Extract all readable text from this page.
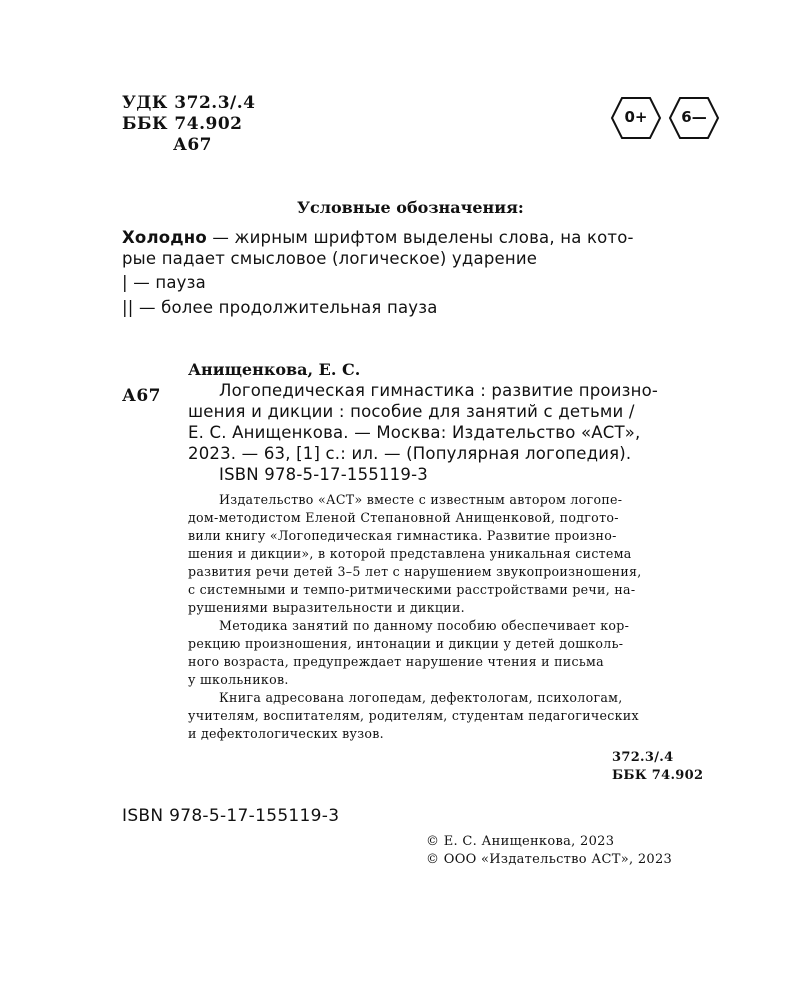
УДК 372.3/.4
ББК 74.902
А67
0+	6—
Условные обозначения:
Холодно — жирным шрифтом выделены слова, на кото-
рые падает смысловое (логическое) ударение
| — пауза
|| — более продолжительная пауза
Анищенкова, Е. С.
А67	Логопедическая гимнастика : развитие произно-
шения и дикции : пособие для занятий с детьми /
Е. С. Анищенкова. — Москва: Издательство «АСТ»,
2023. — 63, [1] с.: ил. — (Популярная логопедия).
ISBN 978-5-17-155119-3
Издательство «АСТ» вместе с известным автором логопе-
дом-методистом Еленой Степановной Анищенковой, подгото-
вили книгу «Логопедическая гимнастика. Развитие произно-
шения и дикции», в которой представлена уникальная система
развития речи детей 3–5 лет с нарушением звукопроизношения,
с системными и темпо-ритмическими расстройствами речи, на-
рушениями выразительности и дикции.
Методика занятий по данному пособию обеспечивает кор-
рекцию произношения, интонации и дикции у детей дошколь-
ного возраста, предупреждает нарушение чтения и письма
у школьников.
Книга адресована логопедам, дефектологам, психологам,
учителям, воспитателям, родителям, студентам педагогических
и дефектологических вузов.
372.3/.4
ББК 74.902
ISBN 978-5-17-155119-3
© Е. С. Анищенкова, 2023
© ООО «Издательство АСТ», 2023
